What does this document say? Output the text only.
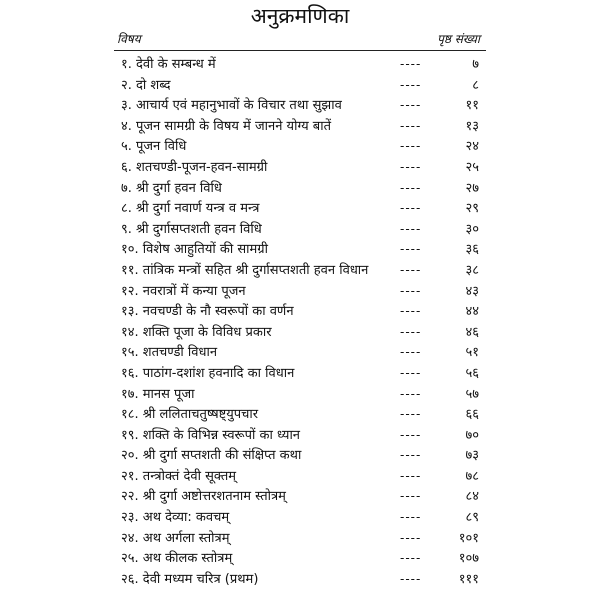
अनुक्रमणिका
विषय	पृष्ठ संख्या
१. देवी के सम्बन्ध में	----	७
२. दो शब्द	----	८
३. आचार्य एवं महानुभावों के विचार तथा सुझाव	----	११
४. पूजन सामग्री के विषय में जानने योग्य बातें	----	१३
५. पूजन विधि	----	२४
६. शतचण्डी-पूजन-हवन-सामग्री	----	२५
७. श्री दुर्गा हवन विधि	----	२७
८. श्री दुर्गा नवार्ण यन्त्र व मन्त्र	----	२९
९. श्री दुर्गासप्तशती हवन विधि	----	३०
१०. विशेष आहुतियों की सामग्री	----	३६
११. तांत्रिक मन्त्रों सहित श्री दुर्गासप्तशती हवन विधान	----	३८
१२. नवरात्रों में कन्या पूजन	----	४३
१३. नवचण्डी के नौ स्वरूपों का वर्णन	----	४४
१४. शक्ति पूजा के विविध प्रकार	----	४६
१५. शतचण्डी विधान	----	५१
१६. पाठांग-दशांश हवनादि का विधान	----	५६
१७. मानस पूजा	----	५७
१८. श्री ललिताचतुष्षष्ट्युपचार	----	६६
१९. शक्ति के विभिन्न स्वरूपों का ध्यान	----	७०
२०. श्री दुर्गा सप्तशती की संक्षिप्त कथा	----	७३
२१. तन्त्रोक्तं देवी सूक्तम्	----	७८
२२. श्री दुर्गा अष्टोत्तरशतनाम स्तोत्रम्	----	८४
२३. अथ देव्या: कवचम्	----	८९
२४. अथ अर्गला स्तोत्रम्	----	१०१
२५. अथ कीलक स्तोत्रम्	----	१०७
२६. देवी मध्यम चरित्र (प्रथम)	----	१११
